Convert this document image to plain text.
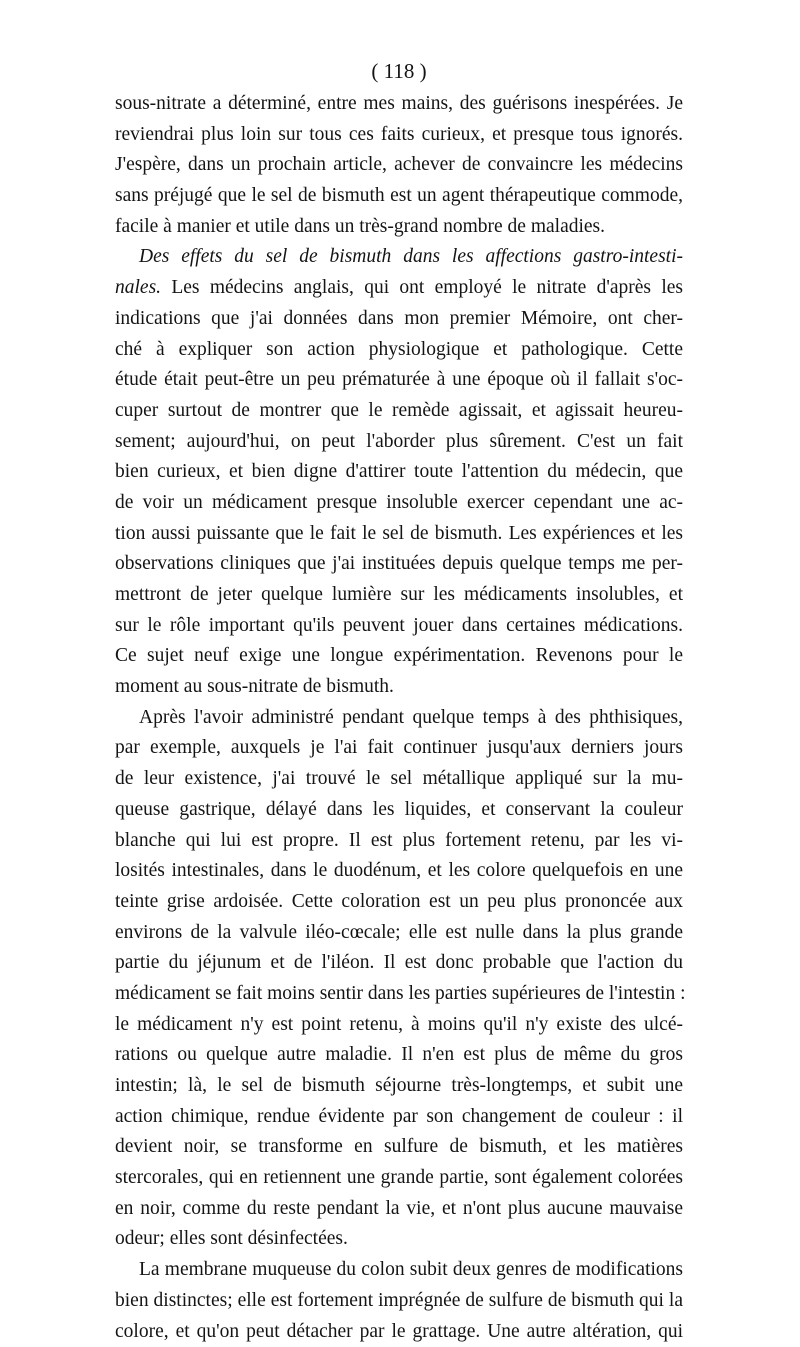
( 118 )
sous-nitrate a déterminé, entre mes mains, des guérisons inespérées. Je
reviendrai plus loin sur tous ces faits curieux, et presque tous ignorés.
J'espère, dans un prochain article, achever de convaincre les médecins
sans préjugé que le sel de bismuth est un agent thérapeutique commode,
facile à manier et utile dans un très-grand nombre de maladies.
Des effets du sel de bismuth dans les affections gastro-intesti-
nales. Les médecins anglais, qui ont employé le nitrate d'après les
indications que j'ai données dans mon premier Mémoire, ont cher-
ché à expliquer son action physiologique et pathologique. Cette
étude était peut-être un peu prématurée à une époque où il fallait s'oc-
cuper surtout de montrer que le remède agissait, et agissait heureu-
sement; aujourd'hui, on peut l'aborder plus sûrement. C'est un fait
bien curieux, et bien digne d'attirer toute l'attention du médecin, que
de voir un médicament presque insoluble exercer cependant une ac-
tion aussi puissante que le fait le sel de bismuth. Les expériences et les
observations cliniques que j'ai instituées depuis quelque temps me per-
mettront de jeter quelque lumière sur les médicaments insolubles, et
sur le rôle important qu'ils peuvent jouer dans certaines médications.
Ce sujet neuf exige une longue expérimentation. Revenons pour le
moment au sous-nitrate de bismuth.
Après l'avoir administré pendant quelque temps à des phthisiques,
par exemple, auxquels je l'ai fait continuer jusqu'aux derniers jours
de leur existence, j'ai trouvé le sel métallique appliqué sur la mu-
queuse gastrique, délayé dans les liquides, et conservant la couleur
blanche qui lui est propre. Il est plus fortement retenu, par les vi-
losités intestinales, dans le duodénum, et les colore quelquefois en une
teinte grise ardoisée. Cette coloration est un peu plus prononcée aux
environs de la valvule iléo-cœcale; elle est nulle dans la plus grande
partie du jéjunum et de l'iléon. Il est donc probable que l'action du
médicament se fait moins sentir dans les parties supérieures de l'intestin :
le médicament n'y est point retenu, à moins qu'il n'y existe des ulcé-
rations ou quelque autre maladie. Il n'en est plus de même du gros
intestin; là, le sel de bismuth séjourne très-longtemps, et subit une
action chimique, rendue évidente par son changement de couleur : il
devient noir, se transforme en sulfure de bismuth, et les matières
stercorales, qui en retiennent une grande partie, sont également colorées
en noir, comme du reste pendant la vie, et n'ont plus aucune mauvaise
odeur; elles sont désinfectées.
La membrane muqueuse du colon subit deux genres de modifications
bien distinctes; elle est fortement imprégnée de sulfure de bismuth qui la
colore, et qu'on peut détacher par le grattage. Une autre altération, qui
